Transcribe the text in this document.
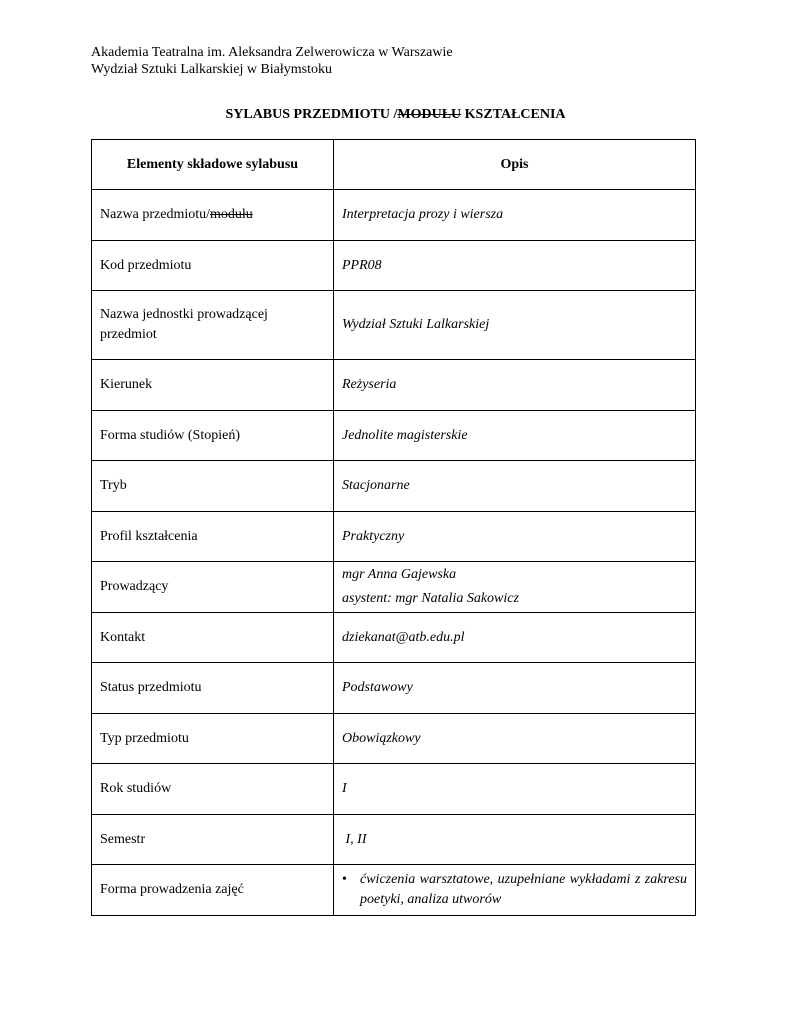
Akademia Teatralna im. Aleksandra Zelwerowicza w Warszawie
Wydział Sztuki Lalkarskiej w Białymstoku
SYLABUS PRZEDMIOTU /MODUŁU KSZTAŁCENIA
Elementy składowe sylabusu	Opis
Nazwa przedmiotu/modułu	Interpretacja prozy i wiersza
Kod przedmiotu	PPR08
Nazwa jednostki prowadzącej przedmiot	Wydział Sztuki Lalkarskiej
Kierunek	Reżyseria
Forma studiów (Stopień)	Jednolite magisterskie
Tryb	Stacjonarne
Profil kształcenia	Praktyczny
Prowadzący	mgr Anna Gajewska
asystent: mgr Natalia Sakowicz

Kontakt	dziekanat@atb.edu.pl
Status przedmiotu	Podstawowy
Typ przedmiotu	Obowiązkowy
Rok studiów	I
Semestr	I, II
Forma prowadzenia zajęć	• ćwiczenia warsztatowe, uzupełniane wykładami z zakresu poetyki, analiza utworów
